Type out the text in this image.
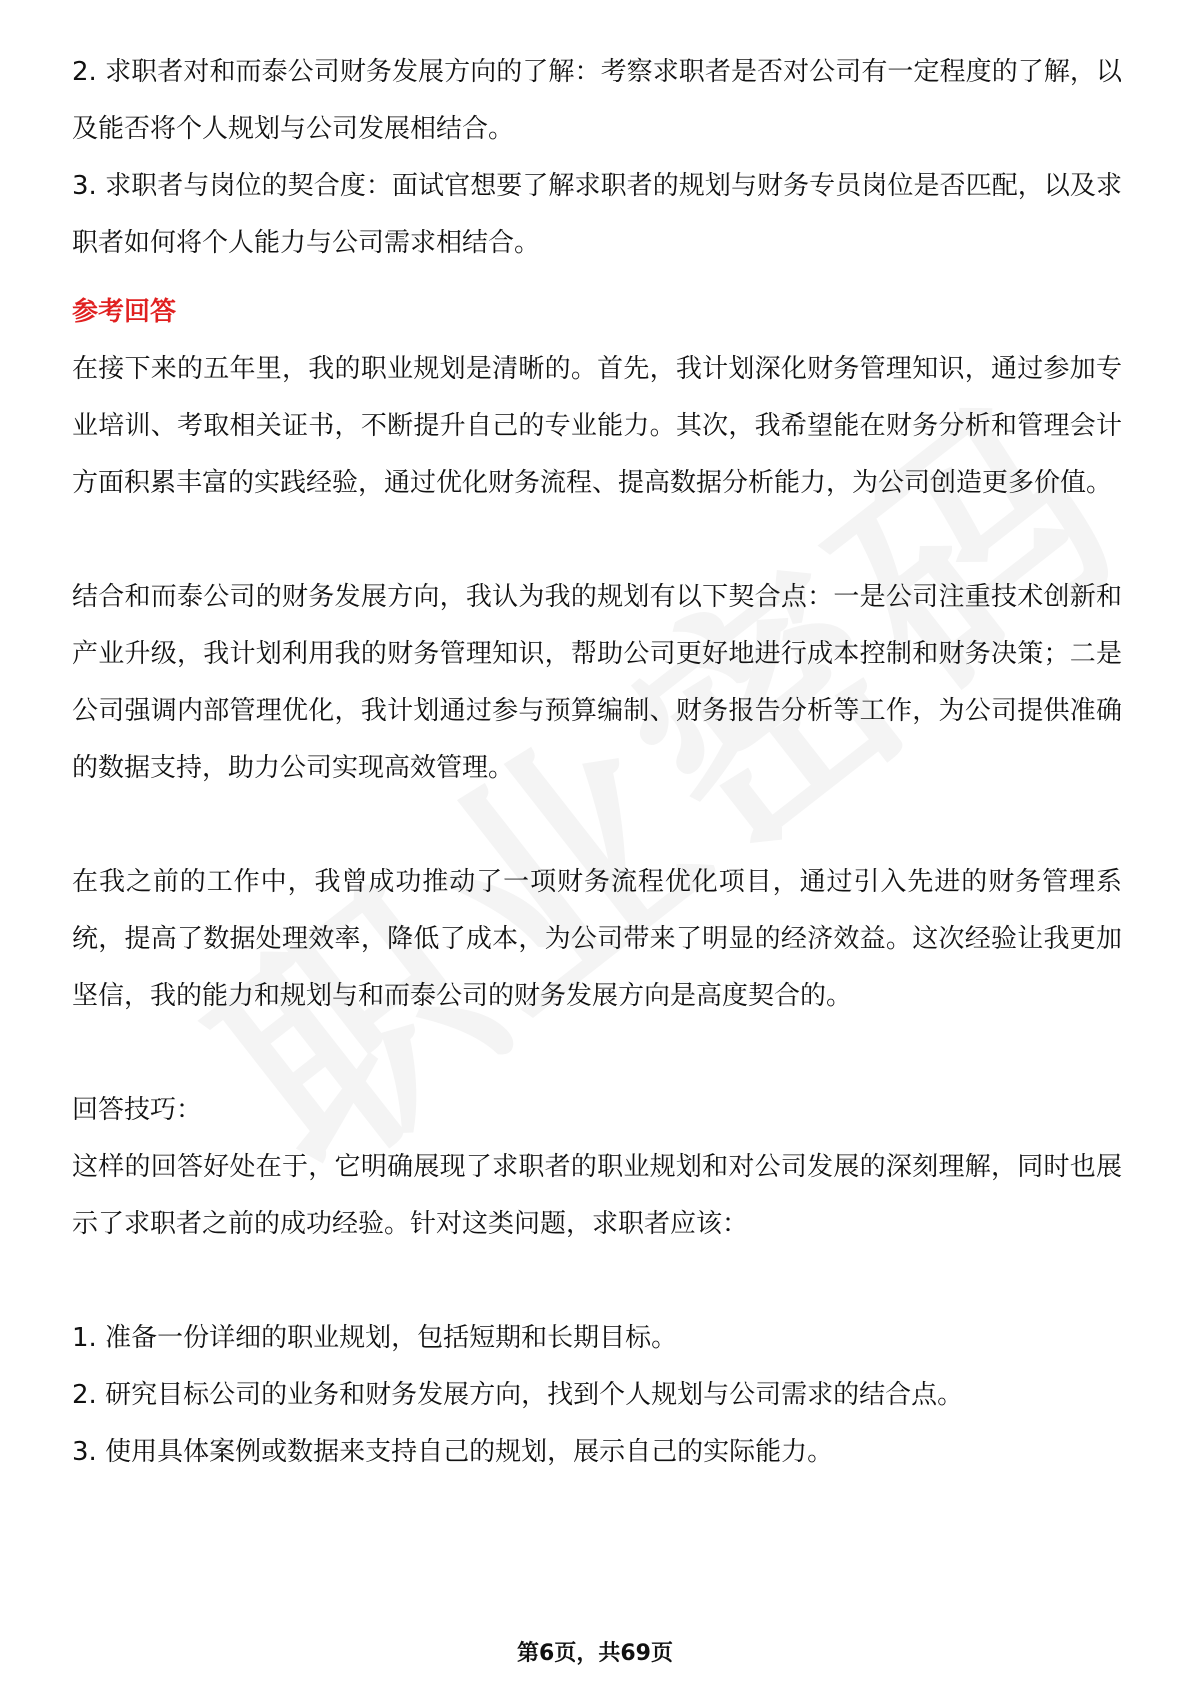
2. 求职者对和而泰公司财务发展方向的了解：考察求职者是否对公司有一定程度的了解，以及能否将个人规划与公司发展相结合。

3. 求职者与岗位的契合度：面试官想要了解求职者的规划与财务专员岗位是否匹配，以及求职者如何将个人能力与公司需求相结合。

参考回答

在接下来的五年里，我的职业规划是清晰的。首先，我计划深化财务管理知识，通过参加专业培训、考取相关证书，不断提升自己的专业能力。其次，我希望能在财务分析和管理会计方面积累丰富的实践经验，通过优化财务流程、提高数据分析能力，为公司创造更多价值。

结合和而泰公司的财务发展方向，我认为我的规划有以下契合点：一是公司注重技术创新和产业升级，我计划利用我的财务管理知识，帮助公司更好地进行成本控制和财务决策；二是公司强调内部管理优化，我计划通过参与预算编制、财务报告分析等工作，为公司提供准确的数据支持，助力公司实现高效管理。

在我之前的工作中，我曾成功推动了一项财务流程优化项目，通过引入先进的财务管理系统，提高了数据处理效率，降低了成本，为公司带来了明显的经济效益。这次经验让我更加坚信，我的能力和规划与和而泰公司的财务发展方向是高度契合的。

回答技巧：

这样的回答好处在于，它明确展现了求职者的职业规划和对公司发展的深刻理解，同时也展示了求职者之前的成功经验。针对这类问题，求职者应该：

1. 准备一份详细的职业规划，包括短期和长期目标。

2. 研究目标公司的业务和财务发展方向，找到个人规划与公司需求的结合点。

3. 使用具体案例或数据来支持自己的规划，展示自己的实际能力。

第6页，共69页
